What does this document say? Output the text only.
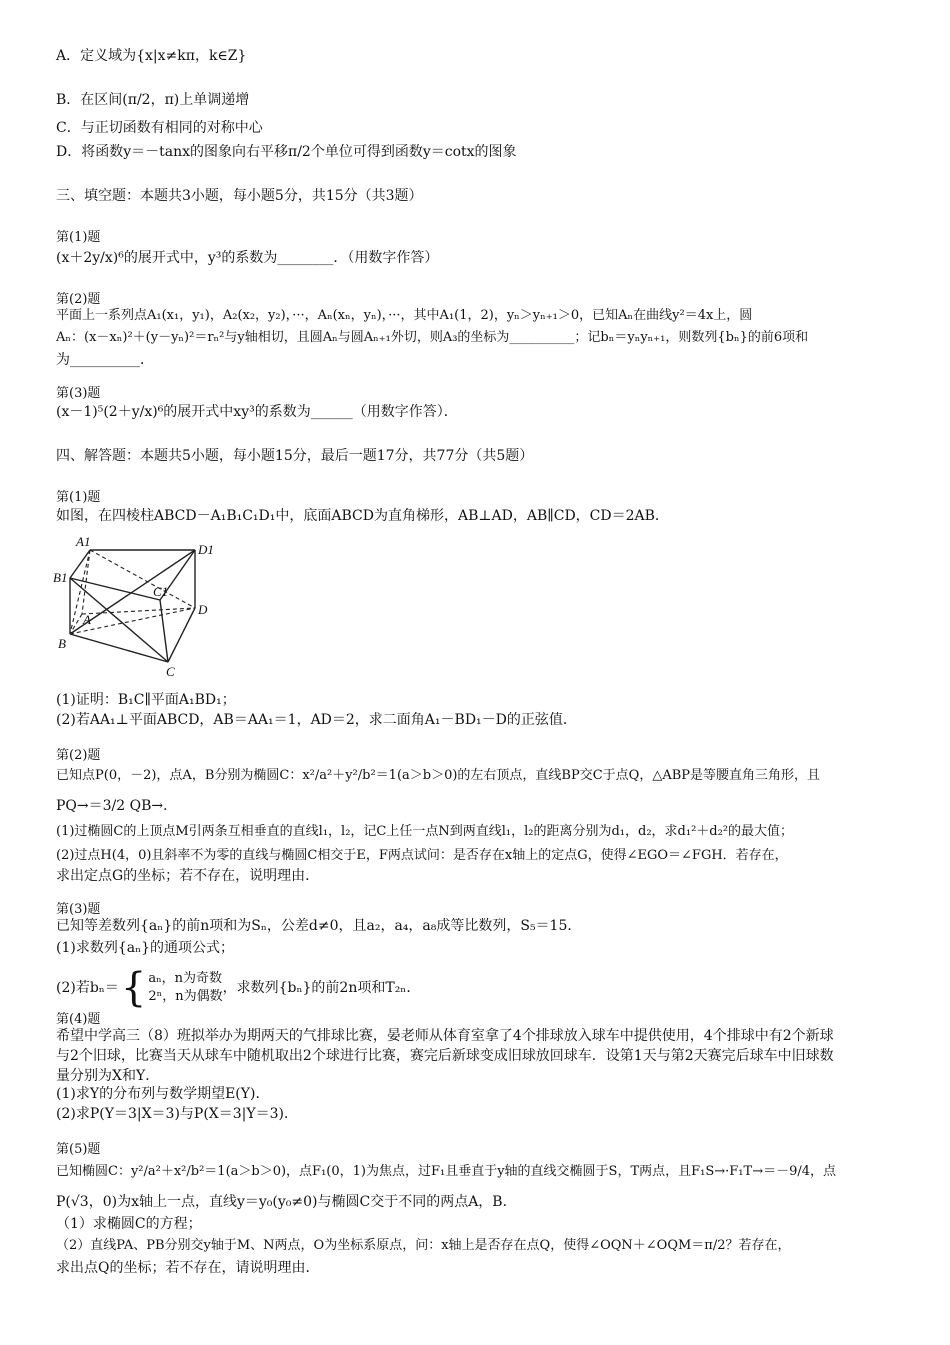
A．定义域为{x|x≠kπ，k∈Z}
B．在区间(π/2，π)上单调递增
C．与正切函数有相同的对称中心
D．将函数y＝－tanx的图象向右平移π/2个单位可得到函数y＝cotx的图象
三、填空题：本题共3小题，每小题5分，共15分（共3题）
第(1)题
(x＋2y/x)⁶的展开式中，y³的系数为________．（用数字作答）
第(2)题
平面上一系列点A₁(x₁，y₁)，A₂(x₂，y₂)，···，Aₙ(xₙ，yₙ)，···，其中A₁(1，2)，yₙ＞yₙ₊₁＞0，已知Aₙ在曲线y²＝4x上，圆
Aₙ：(x－xₙ)²＋(y－yₙ)²＝rₙ²与y轴相切，且圆Aₙ与圆Aₙ₊₁外切，则A₃的坐标为__________；记bₙ＝yₙyₙ₊₁，则数列{bₙ}的前6项和
为__________．
第(3)题
(x－1)⁵(2＋y/x)⁶的展开式中xy³的系数为______（用数字作答）．
四、解答题：本题共5小题，每小题15分，最后一题17分，共77分（共5题）
第(1)题
如图，在四棱柱ABCD－A₁B₁C₁D₁中，底面ABCD为直角梯形，AB⊥AD，AB∥CD，CD＝2AB．
A1
D1
B1
C1
A
D
B
C
(1)证明：B₁C∥平面A₁BD₁；
(2)若AA₁⊥平面ABCD，AB＝AA₁＝1，AD＝2，求二面角A₁－BD₁－D的正弦值．
第(2)题
已知点P(0，－2)，点A，B分别为椭圆C：x²/a²＋y²/b²＝1(a＞b＞0)的左右顶点，直线BP交C于点Q，△ABP是等腰直角三角形，且
PQ→＝3/2 QB→．
(1)过椭圆C的上顶点M引两条互相垂直的直线l₁，l₂，记C上任一点N到两直线l₁，l₂的距离分别为d₁，d₂，求d₁²＋d₂²的最大值；
(2)过点H(4，0)且斜率不为零的直线与椭圆C相交于E，F两点试问：是否存在x轴上的定点G，使得∠EGO＝∠FGH．若存在，
求出定点G的坐标；若不存在，说明理由．
第(3)题
已知等差数列{aₙ}的前n项和为Sₙ，公差d≠0，且a₂，a₄，a₈成等比数列，S₅＝15．
(1)求数列{aₙ}的通项公式；
(2)若bₙ＝{ aₙ，n为奇数
2ⁿ，n为偶数
，求数列{bₙ}的前2n项和T₂ₙ．
第(4)题
希望中学高三（8）班拟举办为期两天的气排球比赛，晏老师从体育室拿了4个排球放入球车中提供使用，4个排球中有2个新球
与2个旧球，比赛当天从球车中随机取出2个球进行比赛，赛完后新球变成旧球放回球车．设第1天与第2天赛完后球车中旧球数
量分别为X和Y．
(1)求Y的分布列与数学期望E(Y)．
(2)求P(Y＝3|X＝3)与P(X＝3|Y＝3)．
第(5)题
已知椭圆C：y²/a²＋x²/b²＝1(a＞b＞0)，点F₁(0，1)为焦点，过F₁且垂直于y轴的直线交椭圆于S，T两点，且F₁S→·F₁T→＝－9/4，点
P(√3，0)为x轴上一点，直线y＝y₀(y₀≠0)与椭圆C交于不同的两点A，B．
（1）求椭圆C的方程；
（2）直线PA、PB分别交y轴于M、N两点，O为坐标系原点，问：x轴上是否存在点Q，使得∠OQN＋∠OQM＝π/2？若存在，
求出点Q的坐标；若不存在，请说明理由．
